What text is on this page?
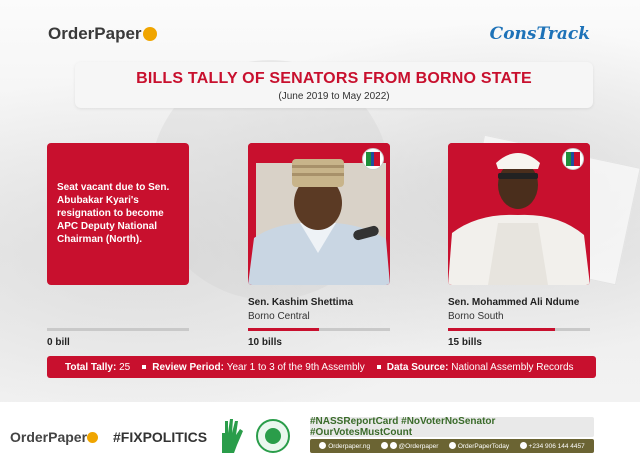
OrderPaper	ConsTrack
BILLS TALLY OF SENATORS FROM BORNO STATE
(June 2019 to May 2022)
Seat vacant due to Sen. Abubakar Kyari's resignation to become APC Deputy National Chairman (North).
0 bill
Sen. Kashim Shettima
Borno Central
10 bills
Sen. Mohammed Ali Ndume
Borno South
15 bills
Total Tally:
25 Review Period:
Year 1 to 3 of the 9th Assembly Data Source:
National Assembly Records
OrderPaper	#FIXPOLITICS
#NASSReportCard #NoVoterNoSenator #OurVotesMustCount
Orderpaper.ng	@Orderpaper	OrderPaperToday	+234 906 144 4457
